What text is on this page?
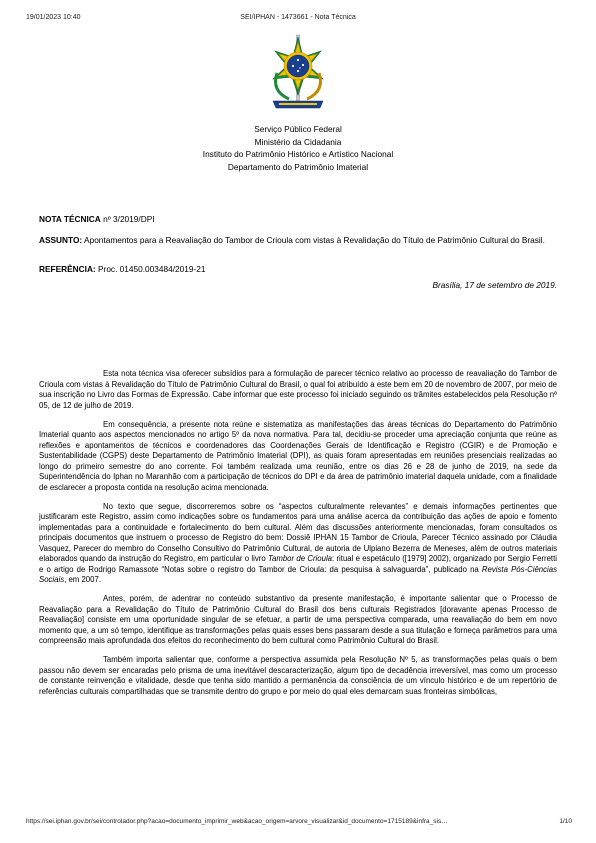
19/01/2023 10:40	SEI/IPHAN - 1473661 - Nota Técnica
Serviço Público Federal
Ministério da Cidadania
Instituto do Patrimônio Histórico e Artístico Nacional
Departamento do Patrimônio Imaterial
NOTA TÉCNICA nº 3/2019/DPI
ASSUNTO: Apontamentos para a Reavaliação do Tambor de Crioula com vistas à Revalidação do Título de Patrimônio Cultural do Brasil.
REFERÊNCIA: Proc. 01450.003484/2019-21
Brasília, 17 de setembro de 2019.

Esta nota técnica visa oferecer subsídios para a formulação de parecer técnico relativo ao processo de reavaliação do Tambor de Crioula com vistas à Revalidação do Título de Patrimônio Cultural do Brasil, o qual foi atribuído a este bem em 20 de novembro de 2007, por meio de sua inscrição no Livro das Formas de Expressão. Cabe informar que este processo foi iniciado seguindo os trâmites estabelecidos pela Resolução nº 05, de 12 de julho de 2019.

Em consequência, a presente nota reúne e sistematiza as manifestações das áreas técnicas do Departamento do Patrimônio Imaterial quanto aos aspectos mencionados no artigo 5º da nova normativa. Para tal, decidiu-se proceder uma apreciação conjunta que reúne as reflexões e apontamentos de técnicos e coordenadores das Coordenações Gerais de Identificação e Registro (CGIR) e de Promoção e Sustentabilidade (CGPS) deste Departamento de Patrimônio Imaterial (DPI), as quais foram apresentadas em reuniões presenciais realizadas ao longo do primeiro semestre do ano corrente. Foi também realizada uma reunião, entre os dias 26 e 28 de junho de 2019, na sede da Superintendência do Iphan no Maranhão com a participação de técnicos do DPI e da área de patrimônio imaterial daquela unidade, com a finalidade de esclarecer a proposta contida na resolução acima mencionada.

No texto que segue, discorreremos sobre os “aspectos culturalmente relevantes” e demais informações pertinentes que justificaram este Registro, assim como indicações sobre os fundamentos para uma análise acerca da contribuição das ações de apoio e fomento implementadas para a continuidade e fortalecimento do bem cultural. Além das discussões anteriormente mencionadas, foram consultados os principais documentos que instruem o processo de Registro do bem: Dossiê IPHAN 15 Tambor de Crioula, Parecer Técnico assinado por Cláudia Vasquez, Parecer do membro do Conselho Consultivo do Patrimônio Cultural, de autoria de Ulpiano Bezerra de Meneses, além de outros materiais elaborados quando da instrução do Registro, em particular o livro Tambor de Crioula: ritual e espetáculo ([1979] 2002), organizado por Sergio Ferretti e o artigo de Rodrigo Ramassote “Notas sobre o registro do Tambor de Crioula: da pesquisa à salvaguarda”, publicado na Revista Pós-Ciências Sociais, em 2007.

Antes, porém, de adentrar no conteúdo substantivo da presente manifestação, é importante salientar que o Processo de Reavaliação para a Revalidação do Título de Patrimônio Cultural do Brasil dos bens culturais Registrados [doravante apenas Processo de Reavaliação] consiste em uma oportunidade singular de se efetuar, a partir de uma perspectiva comparada, uma reavaliação do bem em novo momento que, a um só tempo, identifique as transformações pelas quais esses bens passaram desde a sua titulação e forneça parâmetros para uma compreensão mais aprofundada dos efeitos do reconhecimento do bem cultural como Patrimônio Cultural do Brasil.

Também importa salientar que, conforme a perspectiva assumida pela Resolução Nº 5, as transformações pelas quais o bem passou não devem ser encaradas pelo prisma de uma inevitável descaracterização, algum tipo de decadência irreversível, mas como um processo de constante reinvenção e vitalidade, desde que tenha sido mantido a permanência da consciência de um vínculo histórico e de um repertório de referências culturais compartilhadas que se transmite dentro do grupo e por meio do qual eles demarcam suas fronteiras simbólicas,

https://sei.iphan.gov.br/sei/controlador.php?acao=documento_imprimir_web&acao_origem=arvore_visualizar&id_documento=1715189&infra_sis…	1/10
